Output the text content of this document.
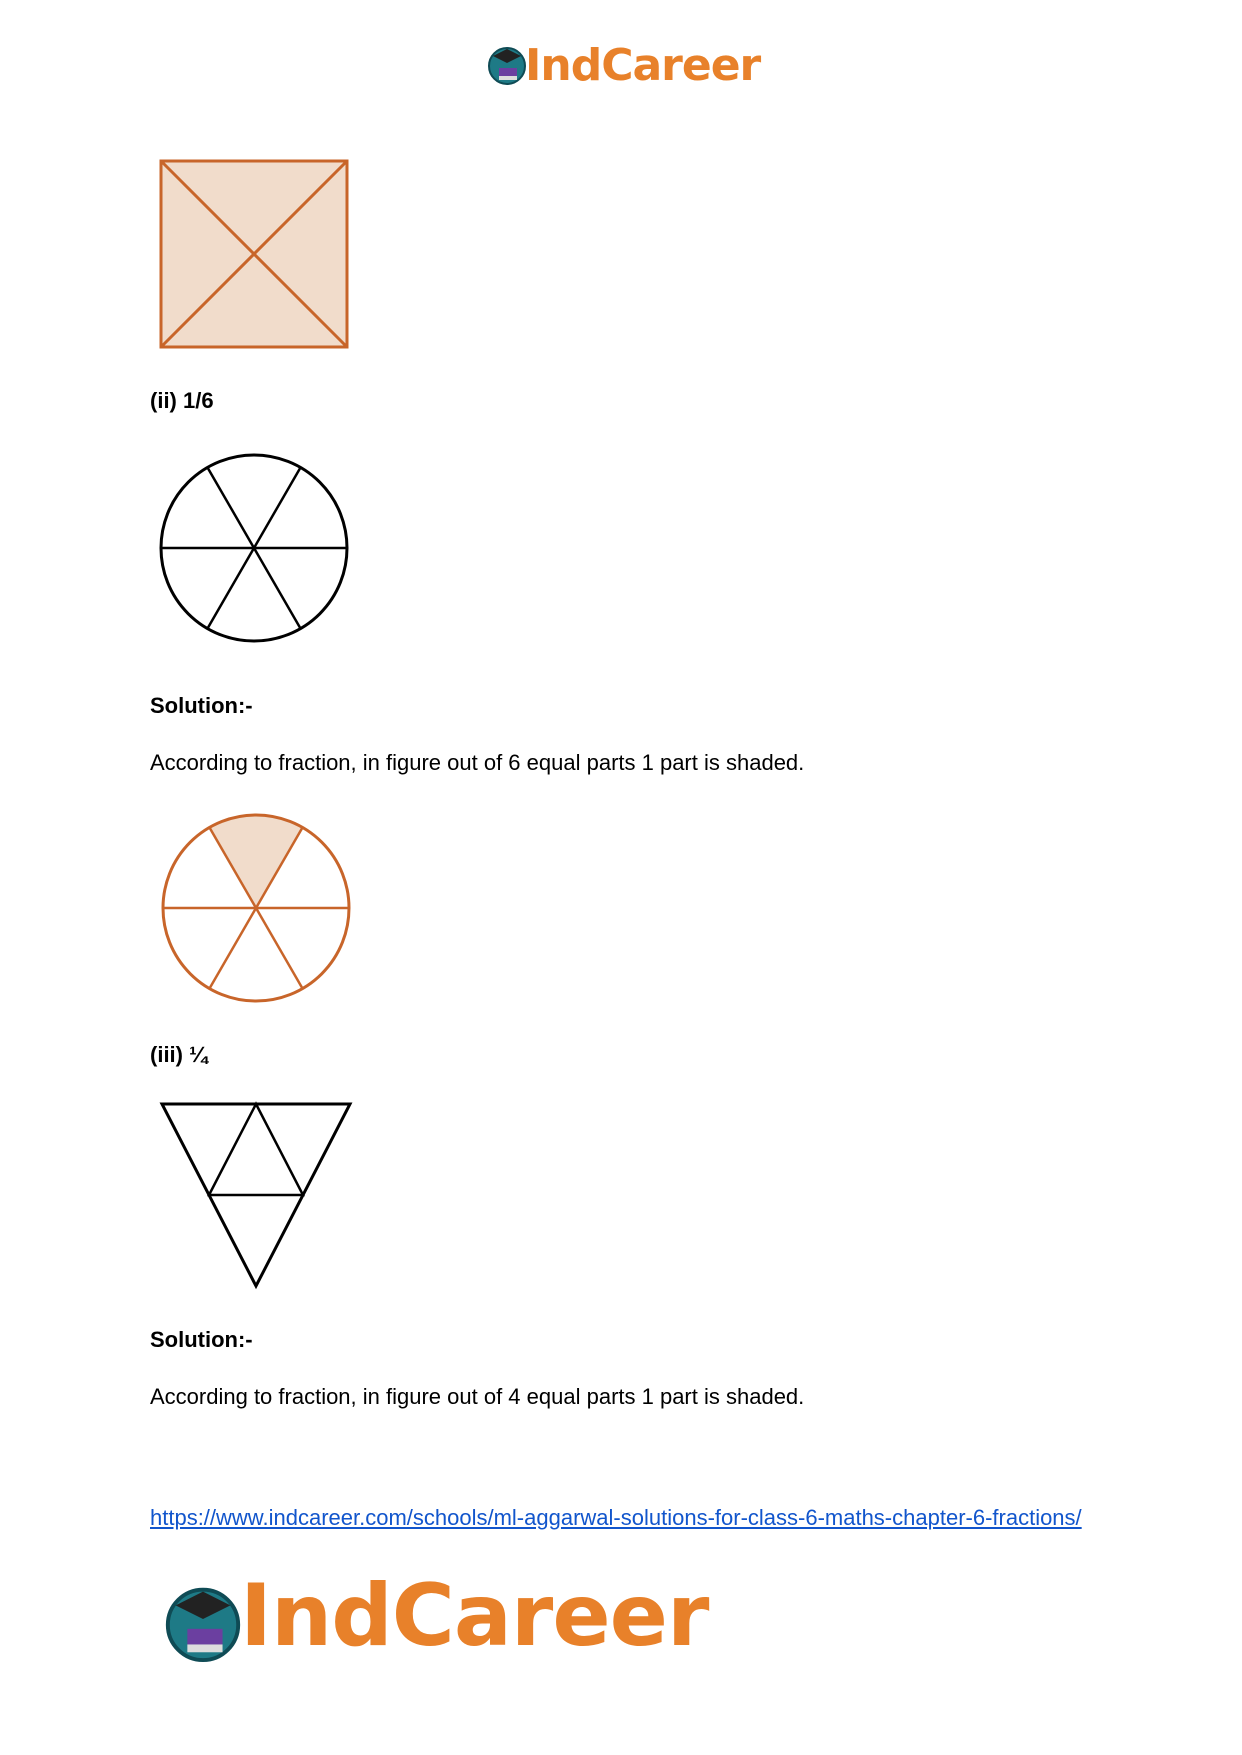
IndCareer
(ii) 1/6
Solution:-
According to fraction, in figure out of 6 equal parts 1 part is shaded.
(iii) ¼
Solution:-
According to fraction, in figure out of 4 equal parts 1 part is shaded.
https://www.indcareer.com/schools/ml-aggarwal-solutions-for-class-6-maths-chapter-6-fractions/
IndCareer
